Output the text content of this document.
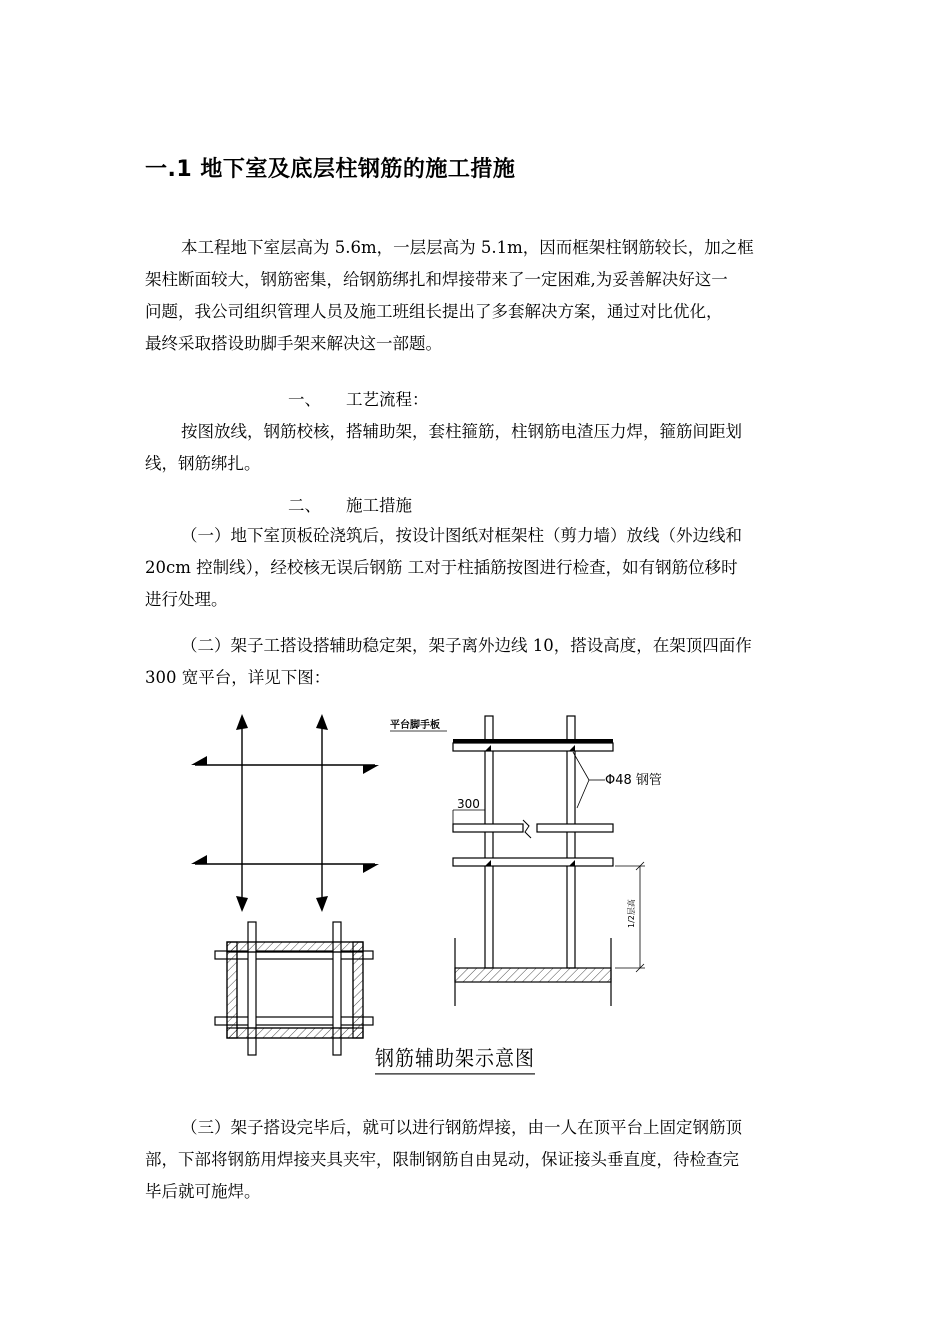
一.1 地下室及底层柱钢筋的施工措施
本工程地下室层高为 5.6m，一层层高为 5.1m，因而框架柱钢筋较长，加之框
架柱断面较大，钢筋密集，给钢筋绑扎和焊接带来了一定困难,为妥善解决好这一
问题，我公司组织管理人员及施工班组长提出了多套解决方案，通过对比优化，
最终采取搭设助脚手架来解决这一部题。
一、 工艺流程：
按图放线，钢筋校核，搭辅助架，套柱箍筋，柱钢筋电渣压力焊，箍筋间距划
线，钢筋绑扎。
二、 施工措施
（一）地下室顶板砼浇筑后，按设计图纸对框架柱（剪力墙）放线（外边线和
20cm 控制线），经校核无误后钢筋 工对于柱插筋按图进行检查，如有钢筋位移时
进行处理。
（二）架子工搭设搭辅助稳定架，架子离外边线 10，搭设高度，在架顶四面作
300 宽平台，详见下图：
平台脚手板
Φ48 钢管
300
1/2层高
钢筋辅助架示意图
（三）架子搭设完毕后，就可以进行钢筋焊接，由一人在顶平台上固定钢筋顶
部，下部将钢筋用焊接夹具夹牢，限制钢筋自由晃动，保证接头垂直度，待检查完
毕后就可施焊。
